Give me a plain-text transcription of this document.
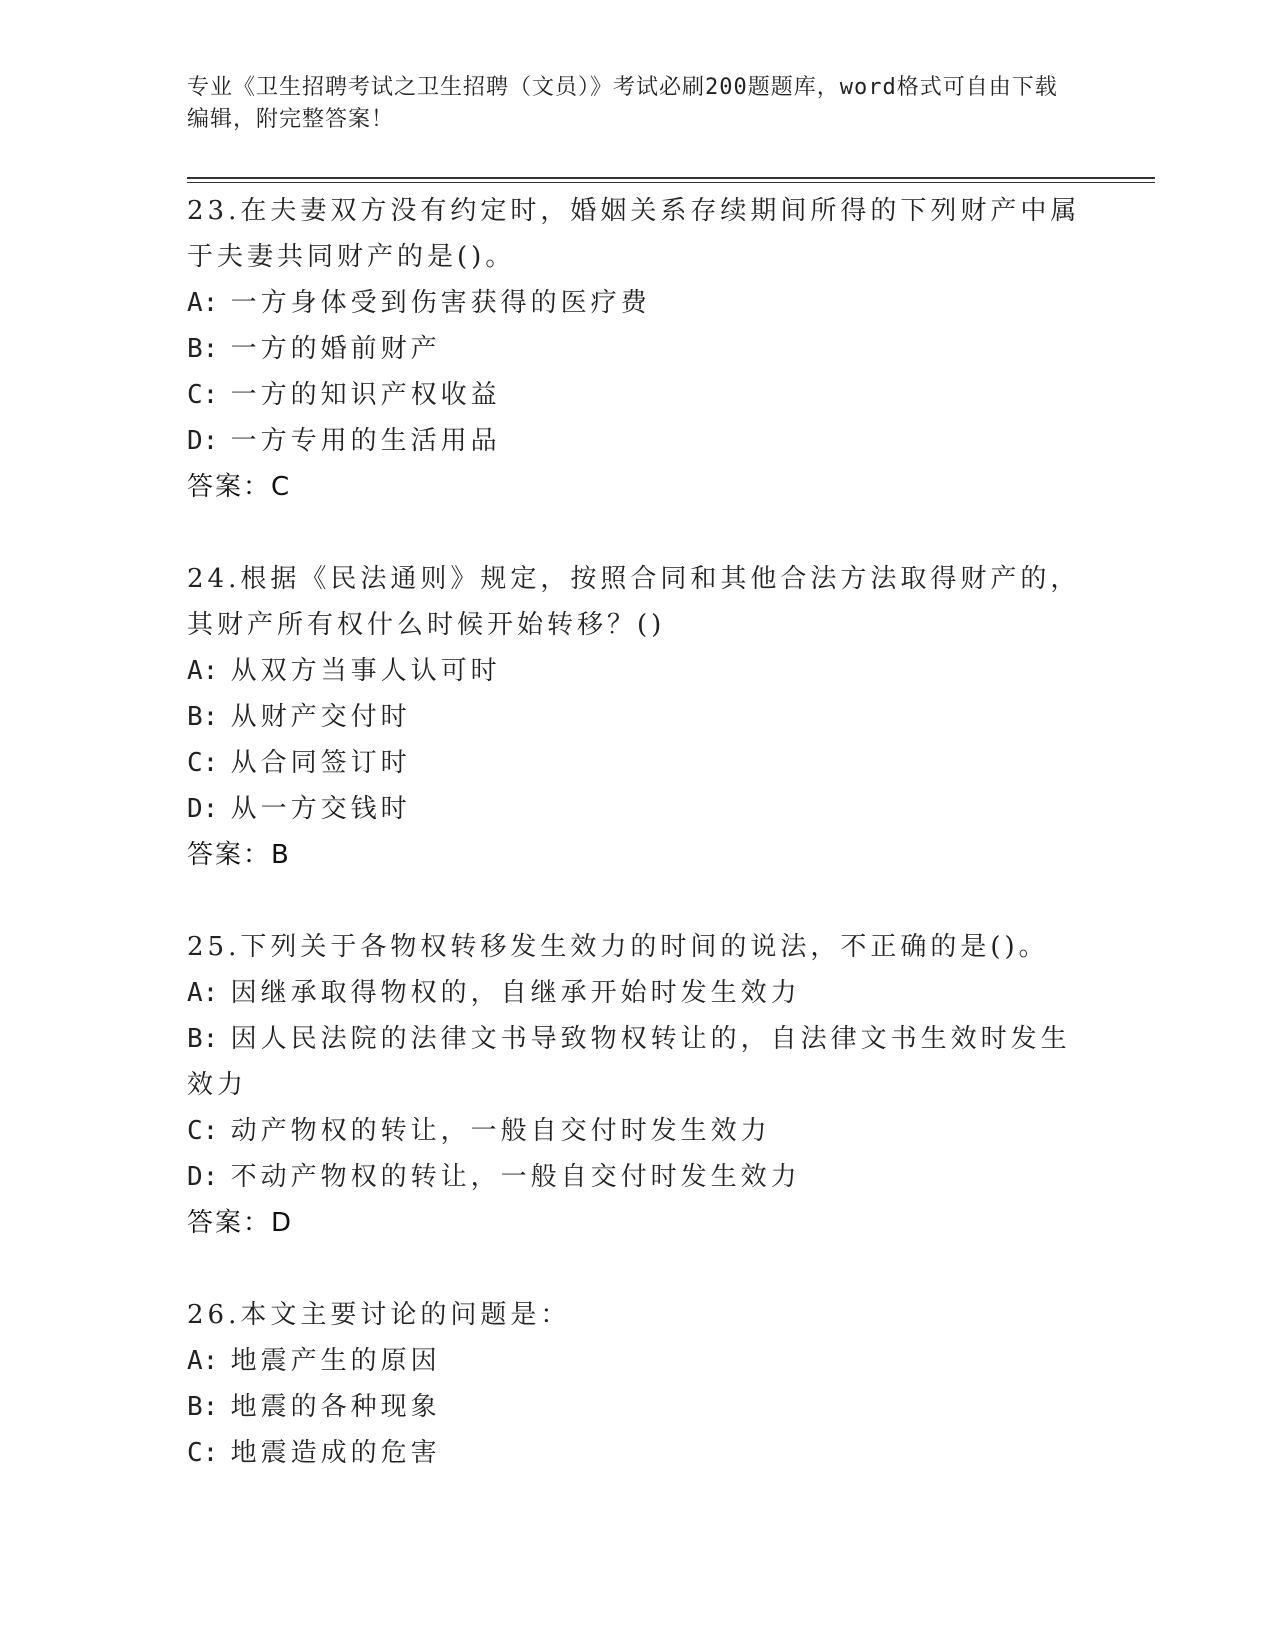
专业《卫生招聘考试之卫生招聘（文员）》考试必刷200题题库，word格式可自由下载编辑，附完整答案！
23.在夫妻双方没有约定时，婚姻关系存续期间所得的下列财产中属于夫妻共同财产的是()。
A: 一方身体受到伤害获得的医疗费
B: 一方的婚前财产
C: 一方的知识产权收益
D: 一方专用的生活用品
答案：C
24.根据《民法通则》规定，按照合同和其他合法方法取得财产的，其财产所有权什么时候开始转移？()
A: 从双方当事人认可时
B: 从财产交付时
C: 从合同签订时
D: 从一方交钱时
答案：B
25.下列关于各物权转移发生效力的时间的说法，不正确的是()。
A: 因继承取得物权的，自继承开始时发生效力
B: 因人民法院的法律文书导致物权转让的，自法律文书生效时发生效力
C: 动产物权的转让，一般自交付时发生效力
D: 不动产物权的转让，一般自交付时发生效力
答案：D
26.本文主要讨论的问题是：
A: 地震产生的原因
B: 地震的各种现象
C: 地震造成的危害
